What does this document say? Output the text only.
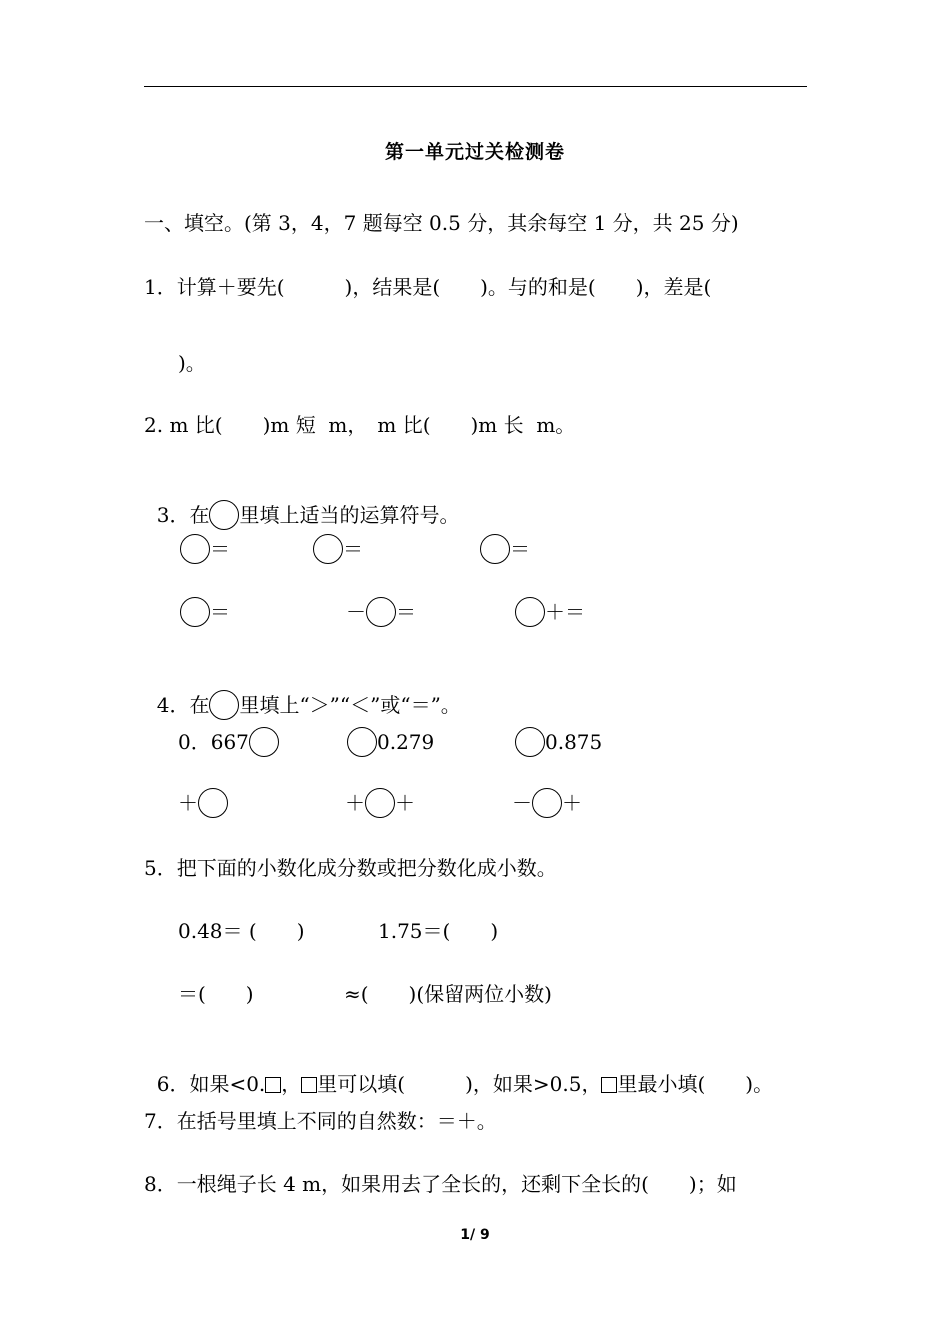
第一单元过关检测卷
一、填空。(第 3，4，7 题每空 0.5 分，其余每空 1 分，共 25 分)
1．计算＋要先(　　　)，结果是(　　)。与的和是(　　)，差是(
)。
2. m 比(　　)m 短  m，　m 比(　　)m 长  m。

3．在 里填上适当的运算符号。

＝	＝	＝
＝	－ ＝	＋＝

4．在 里填上“＞”“＜”或“＝”。

0．667	0.279	0.875
＋	＋ ＋	－ ＋
5．把下面的小数化成分数或把分数化成小数。
0.48＝ (　　)	1.75＝(　　)
＝(　　)	≈(　　)(保留两位小数)

6．如果<0. ， 里可以填(　　　)，如果>0.5， 里最小填(　　)。

7．在括号里填上不同的自然数：＝＋。
8．一根绳子长 4 m，如果用去了全长的，还剩下全长的(　　)；如
1/ 9
